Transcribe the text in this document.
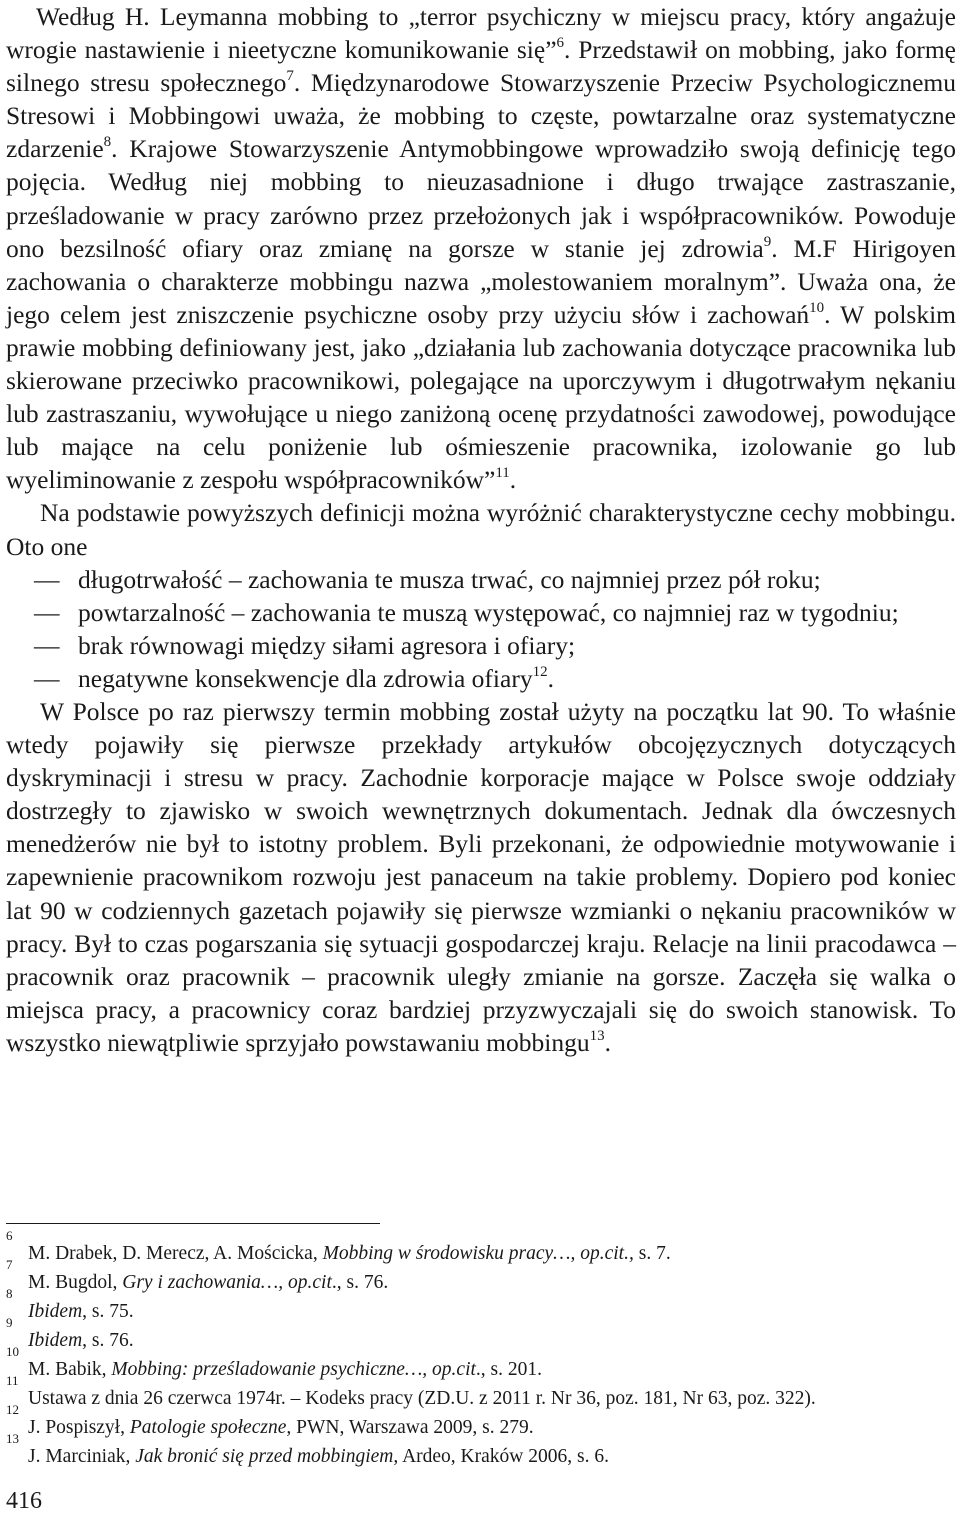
Według H. Leymanna mobbing to „terror psychiczny w miejscu pracy, który angażuje wrogie nastawienie i nieetyczne komunikowanie się”$^6$. Przedstawił on mobbing, jako formę silnego stresu społecznego$^7$. Międzynarodowe Stowarzyszenie Przeciw Psychologicznemu Stresowi i Mobbingowi uważa, że mobbing to częste, powtarzalne oraz systematyczne zdarzenie$^8$. Krajowe Stowarzyszenie Antymobbingowe wprowadziło swoją definicję tego pojęcia. Według niej mobbing to nieuzasadnione i długo trwające zastraszanie, prześladowanie w pracy zarówno przez przełożonych jak i współpracowników. Powoduje ono bezsilność ofiary oraz zmianę na gorsze w stanie jej zdrowia$^9$. M.F Hirigoyen zachowania o charakterze mobbingu nazwa „molestowaniem moralnym”. Uważa ona, że jego celem jest zniszczenie psychiczne osoby przy użyciu słów i zachowań$^{10}$. W polskim prawie mobbing definiowany jest, jako „działania lub zachowania dotyczące pracownika lub skierowane przeciwko pracownikowi, polegające na uporczywym i długotrwałym nękaniu lub zastraszaniu, wywołujące u niego zaniżoną ocenę przydatności zawodowej, powodujące lub mające na celu poniżenie lub ośmieszenie pracownika, izolowanie go lub wyeliminowanie z zespołu współpracowników”$^{11}$.

Na podstawie powyższych definicji można wyróżnić charakterystyczne cechy mobbingu. Oto one

— długotrwałość – zachowania te musza trwać, co najmniej przez pół roku;
— powtarzalność – zachowania te muszą występować, co najmniej raz w tygodniu;
— brak równowagi między siłami agresora i ofiary;
— negatywne konsekwencje dla zdrowia ofiary$^{12}$.

W Polsce po raz pierwszy termin mobbing został użyty na początku lat 90. To właśnie wtedy pojawiły się pierwsze przekłady artykułów obcojęzycznych dotyczących dyskryminacji i stresu w pracy. Zachodnie korporacje mające w Polsce swoje oddziały dostrzegły to zjawisko w swoich wewnętrznych dokumentach. Jednak dla ówczesnych menedżerów nie był to istotny problem. Byli przekonani, że odpowiednie motywowanie i zapewnienie pracownikom rozwoju jest panaceum na takie problemy. Dopiero pod koniec lat 90 w codziennych gazetach pojawiły się pierwsze wzmianki o nękaniu pracowników w pracy. Był to czas pogarszania się sytuacji gospodarczej kraju. Relacje na linii pracodawca – pracownik oraz pracownik – pracownik uległy zmianie na gorsze. Zaczęła się walka o miejsca pracy, a pracownicy coraz bardziej przyzwyczajali się do swoich stanowisk. To wszystko niewątpliwie sprzyjało powstawaniu mobbingu$^{13}$.

6
M. Drabek, D. Merecz, A. Mościcka, Mobbing w środowisku pracy…, op.cit., s. 7.

7
M. Bugdol, Gry i zachowania…, op.cit., s. 76.

8
Ibidem, s. 75.

9
Ibidem, s. 76.

10
M. Babik, Mobbing: prześladowanie psychiczne…, op.cit., s. 201.

11
Ustawa z dnia 26 czerwca 1974r. – Kodeks pracy (ZD.U. z 2011 r. Nr 36, poz. 181, Nr 63, poz. 322).

12
J. Pospiszył, Patologie społeczne, PWN, Warszawa 2009, s. 279.

13
J. Marciniak, Jak bronić się przed mobbingiem, Ardeo, Kraków 2006, s. 6.

416
